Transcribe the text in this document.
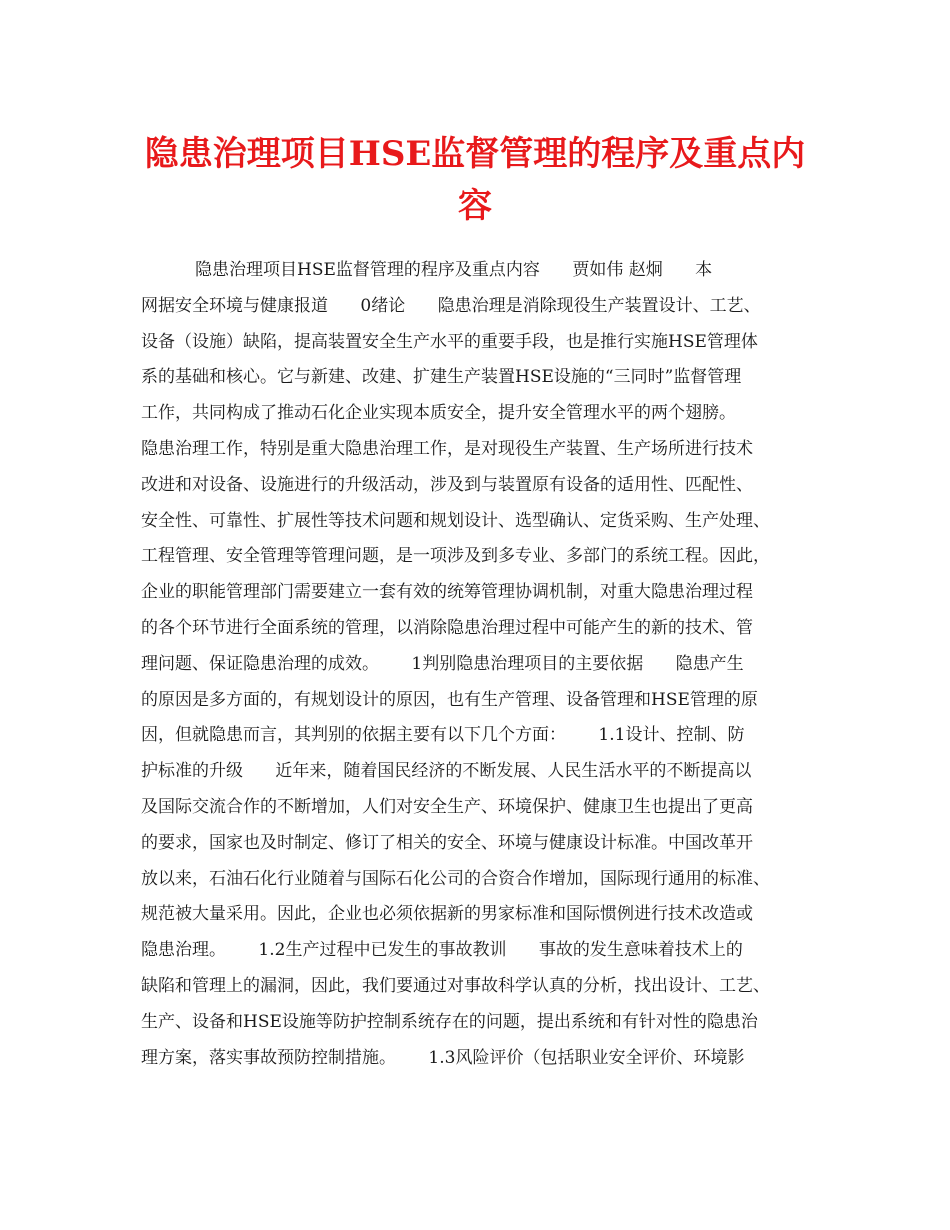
隐患治理项目HSE监督管理的程序及重点内
容
隐患治理项目HSE监督管理的程序及重点内容      贾如伟 赵炯      本
网据安全环境与健康报道      0绪论      隐患治理是消除现役生产装置设计、工艺、
设备（设施）缺陷，提高装置安全生产水平的重要手段，也是推行实施HSE管理体
系的基础和核心。它与新建、改建、扩建生产装置HSE设施的“三同时”监督管理
工作，共同构成了推动石化企业实现本质安全，提升安全管理水平的两个翅膀。
隐患治理工作，特别是重大隐患治理工作，是对现役生产装置、生产场所进行技术
改进和对设备、设施进行的升级活动，涉及到与装置原有设备的适用性、匹配性、
安全性、可靠性、扩展性等技术问题和规划设计、选型确认、定货采购、生产处理、
工程管理、安全管理等管理问题，是一项涉及到多专业、多部门的系统工程。因此，
企业的职能管理部门需要建立一套有效的统筹管理协调机制，对重大隐患治理过程
的各个环节进行全面系统的管理，以消除隐患治理过程中可能产生的新的技术、管
理问题、保证隐患治理的成效。      1判别隐患治理项目的主要依据      隐患产生
的原因是多方面的，有规划设计的原因，也有生产管理、设备管理和HSE管理的原
因，但就隐患而言，其判别的依据主要有以下几个方面：      1.1设计、控制、防
护标准的升级      近年来，随着国民经济的不断发展、人民生活水平的不断提高以
及国际交流合作的不断增加，人们对安全生产、环境保护、健康卫生也提出了更高
的要求，国家也及时制定、修订了相关的安全、环境与健康设计标准。中国改革开
放以来，石油石化行业随着与国际石化公司的合资合作增加，国际现行通用的标准、
规范被大量采用。因此，企业也必须依据新的男家标准和国际惯例进行技术改造或
隐患治理。      1.2生产过程中已发生的事故教训      事故的发生意味着技术上的
缺陷和管理上的漏洞，因此，我们要通过对事故科学认真的分析，找出设计、工艺、
生产、设备和HSE设施等防护控制系统存在的问题，提出系统和有针对性的隐患治
理方案，落实事故预防控制措施。      1.3风险评价（包括职业安全评价、环境影
